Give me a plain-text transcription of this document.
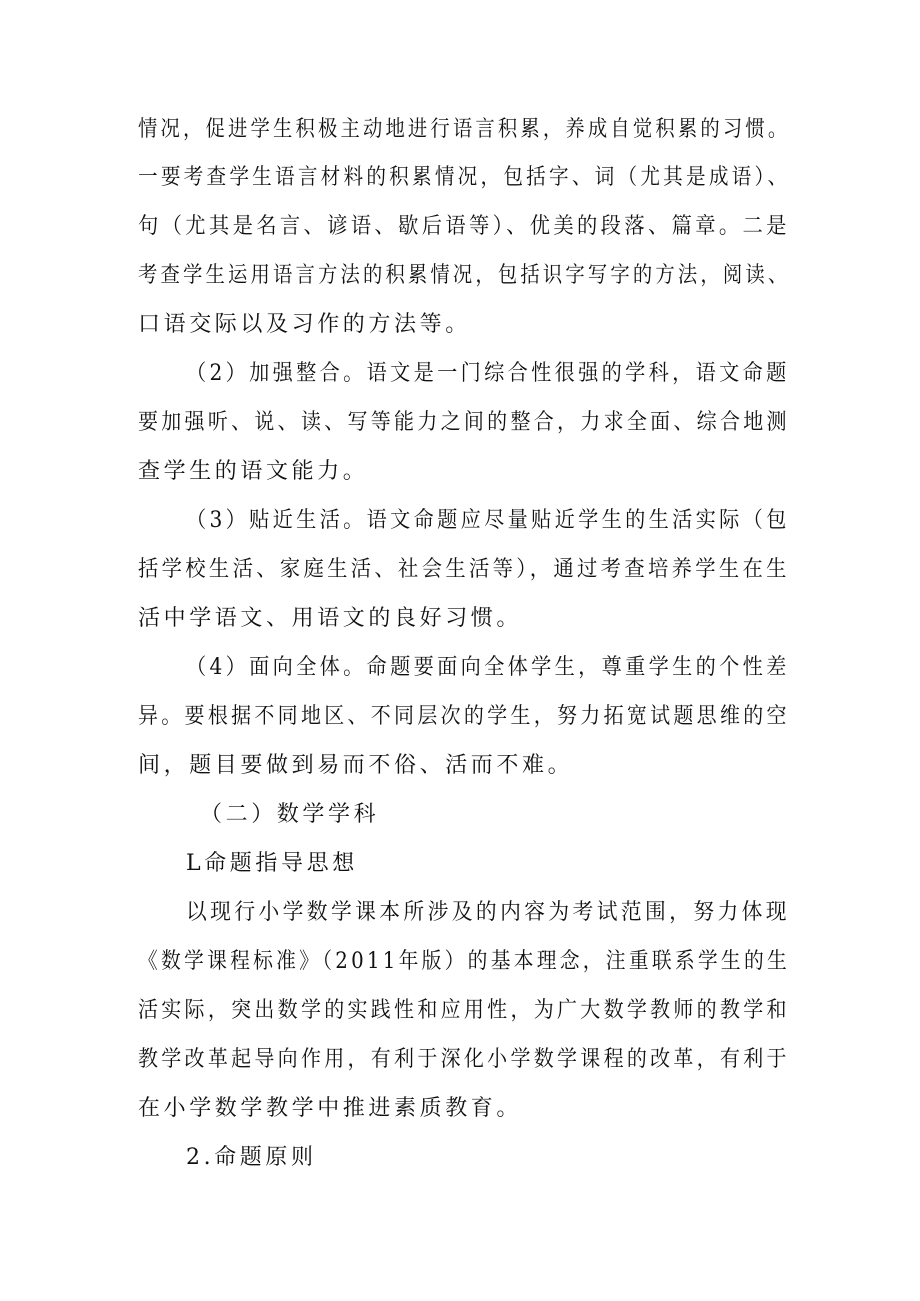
情况，促进学生积极主动地进行语言积累，养成自觉积累的习惯。
一要考查学生语言材料的积累情况，包括字、词（尤其是成语）、
句（尤其是名言、谚语、歇后语等）、优美的段落、篇章。二是
考查学生运用语言方法的积累情况，包括识字写字的方法，阅读、
口语交际以及习作的方法等。
（2）加强整合。语文是一门综合性很强的学科，语文命题
要加强听、说、读、写等能力之间的整合，力求全面、综合地测
查学生的语文能力。
（3）贴近生活。语文命题应尽量贴近学生的生活实际（包
括学校生活、家庭生活、社会生活等），通过考查培养学生在生
活中学语文、用语文的良好习惯。
（4）面向全体。命题要面向全体学生，尊重学生的个性差
异。要根据不同地区、不同层次的学生，努力拓宽试题思维的空
间，题目要做到易而不俗、活而不难。
（二）数学学科
L命题指导思想
以现行小学数学课本所涉及的内容为考试范围，努力体现
《数学课程标准》（2011年版）的基本理念，注重联系学生的生
活实际，突出数学的实践性和应用性，为广大数学教师的教学和
教学改革起导向作用，有利于深化小学数学课程的改革，有利于
在小学数学教学中推进素质教育。
2.命题原则
